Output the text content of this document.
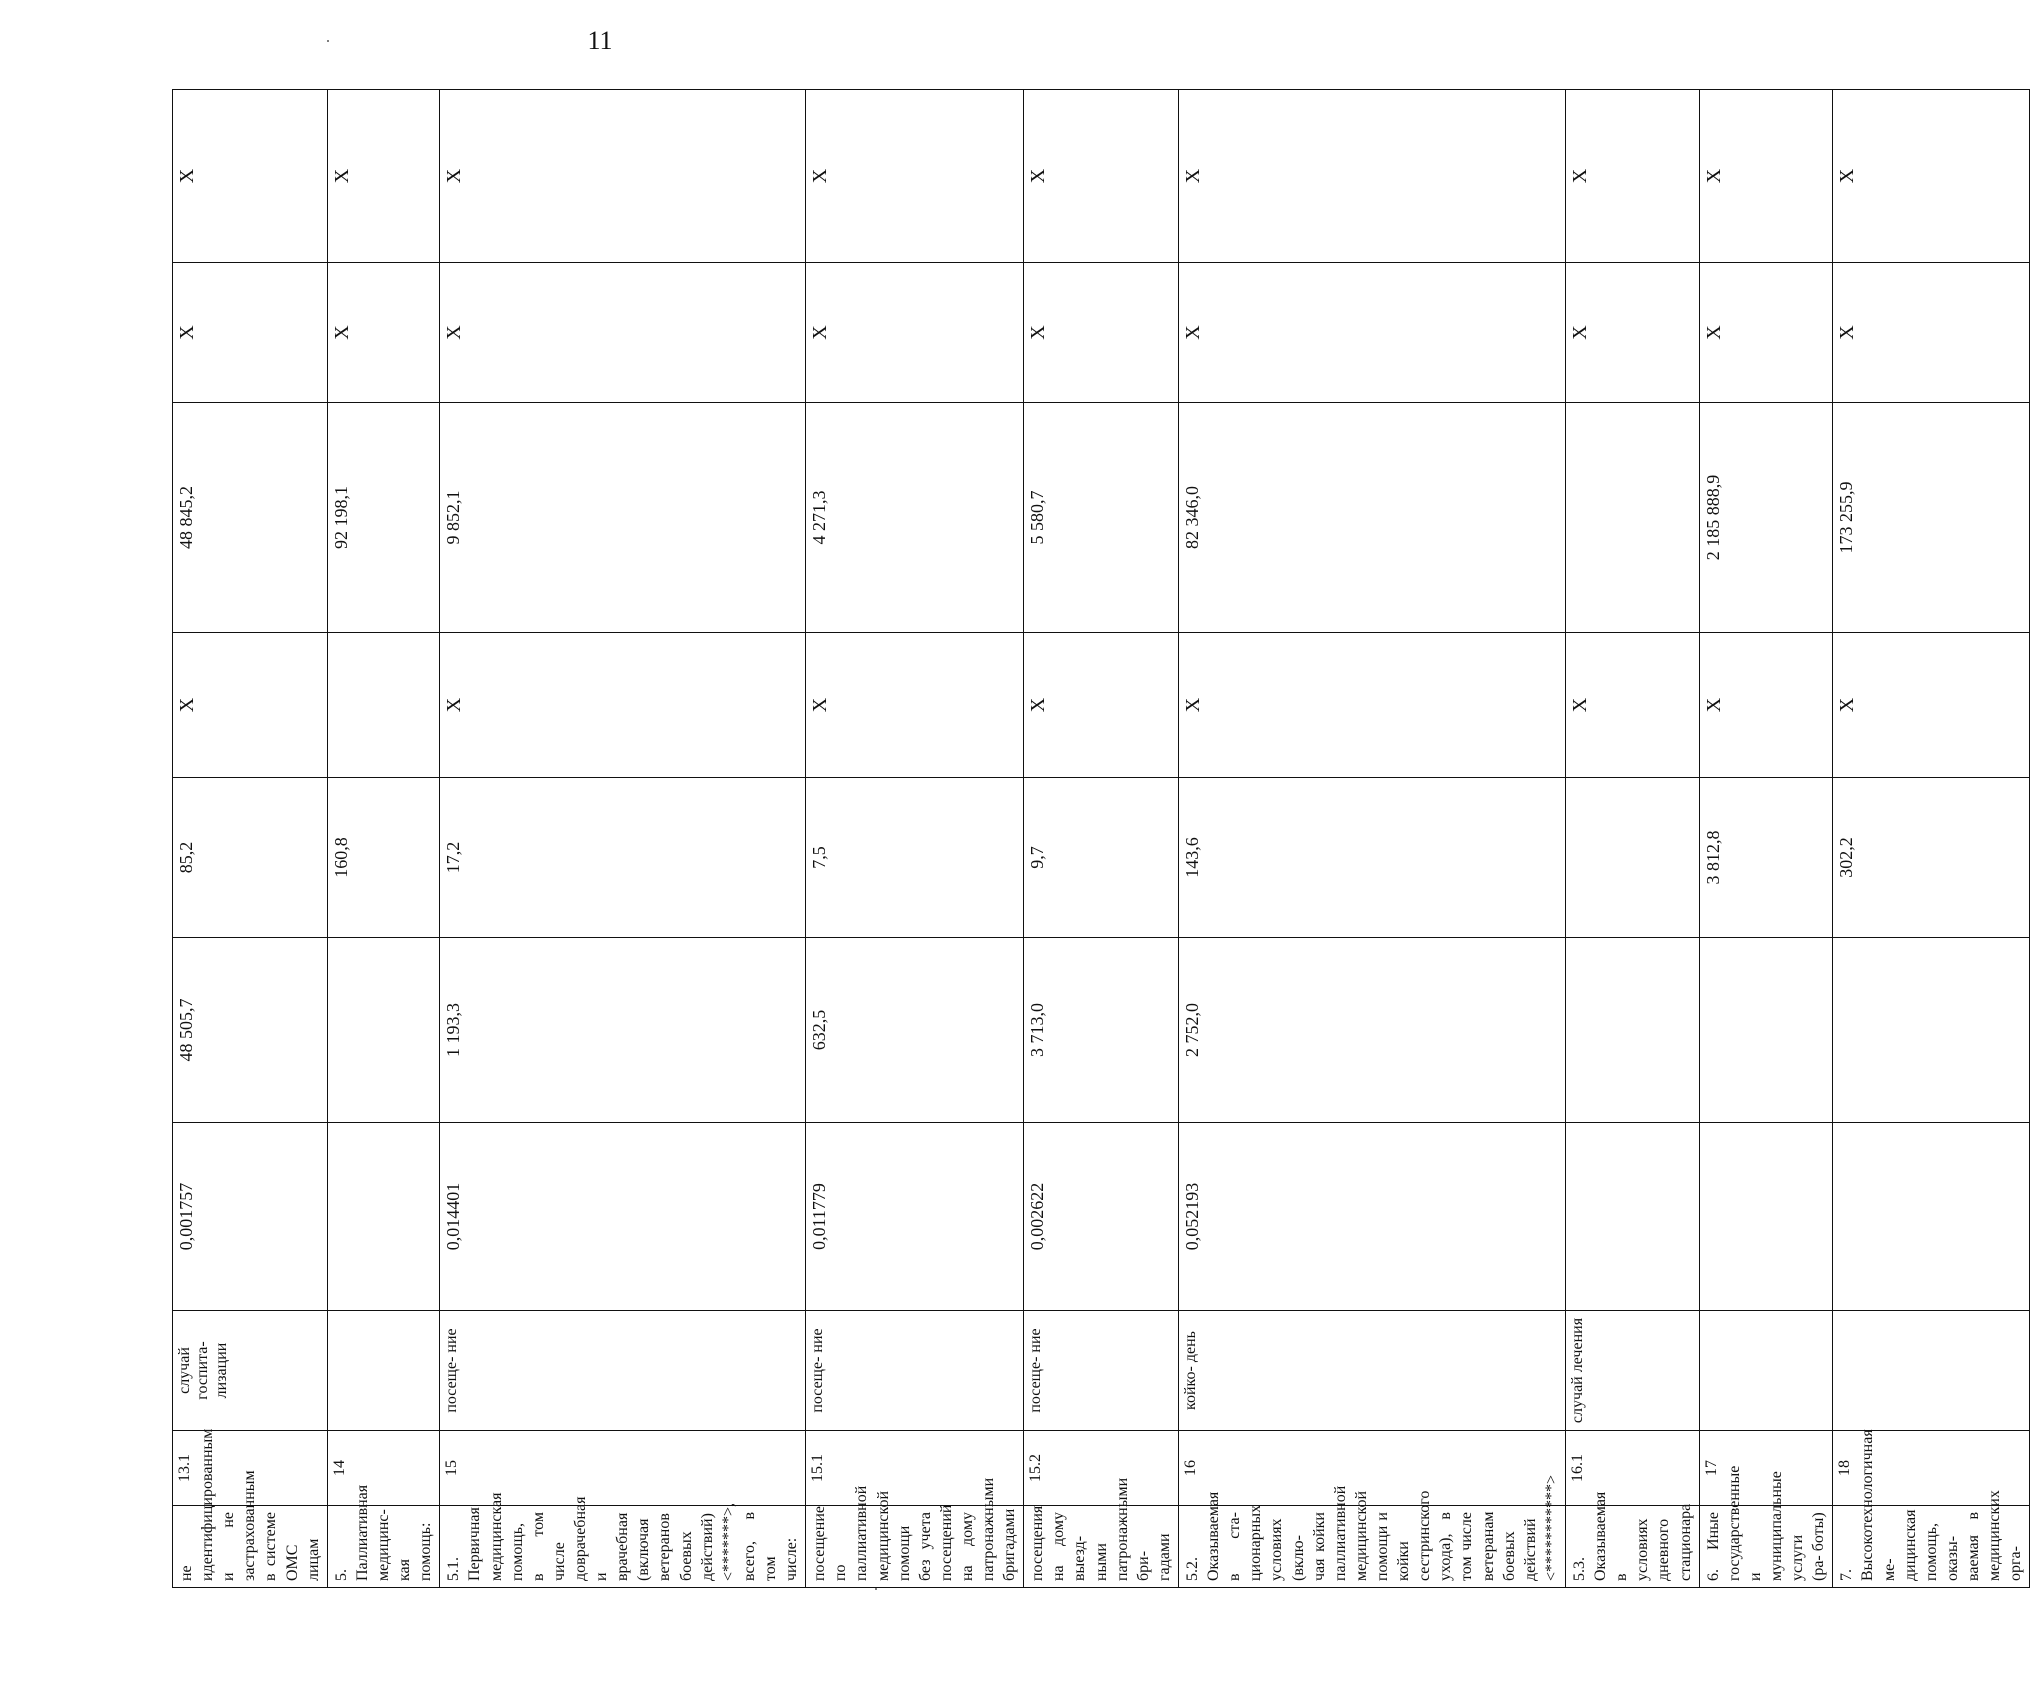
11
не идентифицированным и не застрахованным в системе ОМС лицам	13.1	случай госпита- лизации	0,001757	48 505,7	85,2	Х	48 845,2	Х	Х
5. Паллиативная медицинс- кая помощь:	14				160,8		92 198,1	Х	Х
5.1. Первичная медицинская помощь, в том числе доврачебная и врачебная (включая ветеранов боевых действий) <*******>, всего, в том числе:	15	посеще- ние	0,014401	1 193,3	17,2	Х	9 852,1	Х	Х
посещение по паллиативной медицинской помощи без учета посещений на дому патронажными бригадами	15.1	посеще- ние	0,011779	632,5	7,5	Х	4 271,3	Х	Х
посещения на дому выезд- ными патронажными бри- гадами	15.2	посеще- ние	0,002622	3 713,0	9,7	Х	5 580,7	Х	Х
5.2. Оказываемая в ста- ционарных условиях (вклю- чая койки паллиативной медицинской помощи и койки сестринского ухода), в том числе ветеранам боевых действий <***********>	16	койко- день	0,052193	2 752,0	143,6	Х	82 346,0	Х	Х
5.3. Оказываемая в условиях дневного стационара	16.1	случай лечения				Х		Х	Х
6. Иные государственные и муниципальные услуги (ра- боты)	17				3 812,8	Х	2 185 888,9	Х	Х
7. Высокотехнологичная ме- дицинская помощь, оказы- ваемая в медицинских орга-	18				302,2	Х	173 255,9	Х	Х
